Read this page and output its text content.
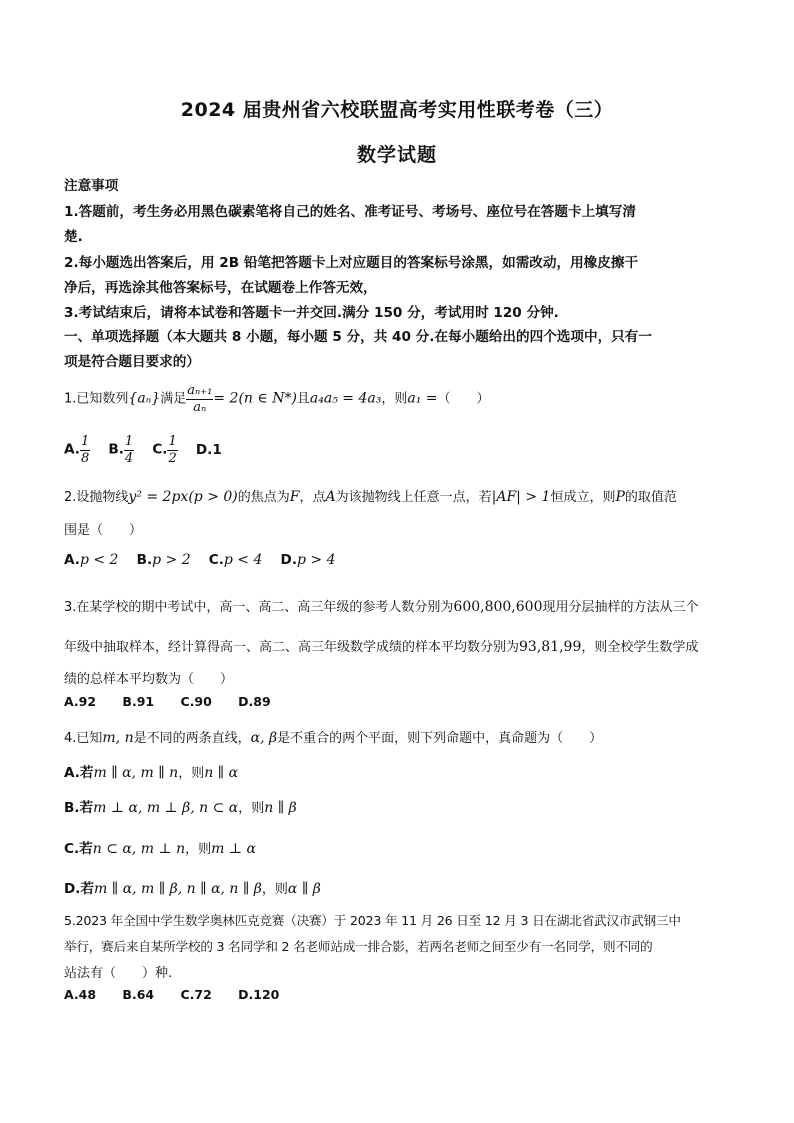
2024 届贵州省六校联盟高考实用性联考卷（三）
数学试题
注意事项
1.答题前，考生务必用黑色碳素笔将自己的姓名、准考证号、考场号、座位号在答题卡上填写清
楚.
2.每小题选出答案后，用 2B 铅笔把答题卡上对应题目的答案标号涂黑，如需改动，用橡皮擦干
净后，再选涂其他答案标号，在试题卷上作答无效，
3.考试结束后，请将本试卷和答题卡一并交回.满分 150 分，考试用时 120 分钟.
一、单项选择题（本大题共 8 小题，每小题 5 分，共 40 分.在每小题给出的四个选项中，只有一
项是符合题目要求的）
1.已知数列{aₙ}满足 $\frac{\text{aₙ₊₁}}{\text{aₙ}} = 2(n$ ∈ N*)且a₄a₅ = 4a₃，则a₁ =（　　）
A. $\frac{1}{8} B$. $\frac{1}{4} C$. $\frac{1}{2} D.1$
2.设抛物线y² = 2px(p > 0)的焦点为F，点A为该抛物线上任意一点，若|AF| > 1恒成立，则P的取值范
围是（　　）
A.p < 2 B.p > 2 C.p < 4 D.p > 4
3.在某学校的期中考试中，高一、高二、高三年级的参考人数分别为600,800,600现用分层抽样的方法从三个
年级中抽取样本，经计算得高一、高二、高三年级数学成绩的样本平均数分别为93,81,99，则全校学生数学成
绩的总样本平均数为（　　）
A.92 B.91 C.90 D.89
4.已知m, n是不同的两条直线，α, β是不重合的两个平面，则下列命题中，真命题为（　　）
A.若m ∥ α, m ∥ n，则n ∥ α
B.若m ⊥ α, m ⊥ β, n ⊂ α，则n ∥ β
C.若n ⊂ α, m ⊥ n，则m ⊥ α
D.若m ∥ α, m ∥ β, n ∥ α, n ∥ β，则α ∥ β
5.2023 年全国中学生数学奥林匹克竞赛（决赛）于 2023 年 11 月 26 日至 12 月 3 日在湖北省武汉市武钢三中
举行，赛后来自某所学校的 3 名同学和 2 名老师站成一排合影，若两名老师之间至少有一名同学，则不同的
站法有（　　）种.
A.48 B.64 C.72 D.120
